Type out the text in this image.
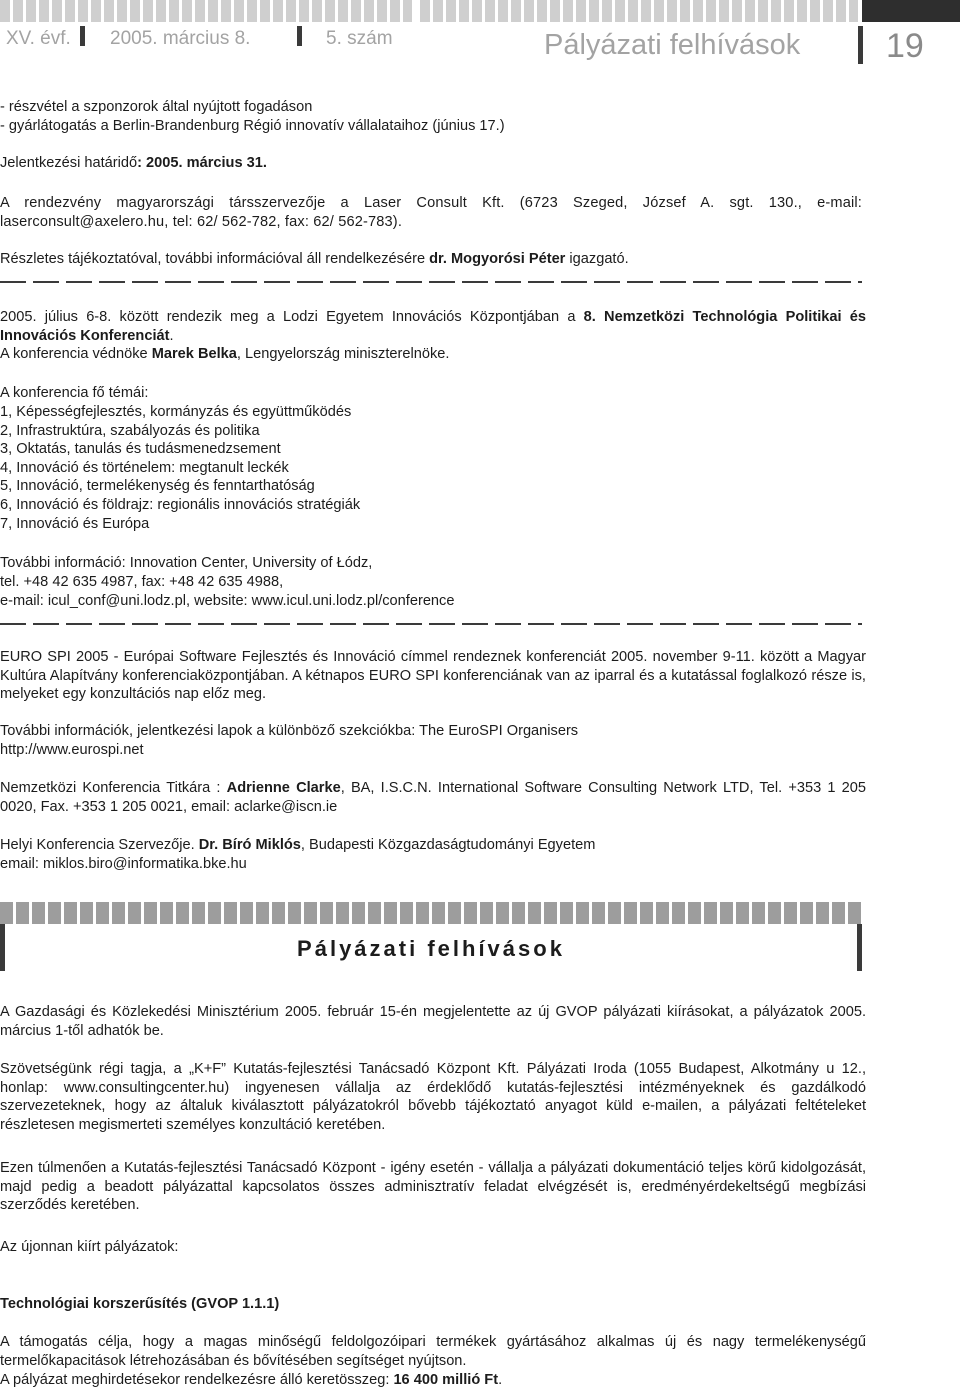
XV. évf. 2005. március 8.	5. szám	Pályázati felhívások	19

- részvétel a szponzorok által nyújtott fogadáson

- gyárlátogatás a Berlin-Brandenburg Régió innovatív vállalataihoz (június 17.)

Jelentkezési határidő: 2005. március 31.

A rendezvény magyarországi társszervezője a Laser Consult Kft. (6723 Szeged, József A. sgt. 130., e-mail: laserconsult@axelero.hu, tel: 62/ 562-782, fax: 62/ 562-783).

Részletes tájékoztatóval, további információval áll rendelkezésére dr. Mogyorósi Péter igazgató.

2005. július 6-8. között rendezik meg a Lodzi Egyetem Innovációs Központjában a 8. Nemzetközi Technológia Politikai és Innovációs Konferenciát.

A konferencia védnöke Marek Belka, Lengyelország miniszterelnöke.

A konferencia fő témái:

1, Képességfejlesztés, kormányzás és együttműködés

2, Infrastruktúra, szabályozás és politika

3, Oktatás, tanulás és tudásmenedzsement

4, Innováció és történelem: megtanult leckék

5, Innováció, termelékenység és fenntarthatóság

6, Innováció és földrajz: regionális innovációs stratégiák

7, Innováció és Európa

További információ: Innovation Center, University of Łódz,

tel. +48 42 635 4987, fax: +48 42 635 4988,

e-mail: icul_conf@uni.lodz.pl, website: www.icul.uni.lodz.pl/conference

EURO SPI 2005 - Európai Software Fejlesztés és Innováció címmel rendeznek konferenciát 2005. november 9-11. között a Magyar Kultúra Alapítvány konferenciaközpontjában. A kétnapos EURO SPI konferenciának van az iparral és a kutatással foglalkozó része is, melyeket egy konzultációs nap előz meg.

További információk, jelentkezési lapok a különböző szekciókba: The EuroSPI Organisers

http://www.eurospi.net

Nemzetközi Konferencia Titkára : Adrienne Clarke, BA, I.S.C.N. International Software Consulting Network LTD, Tel. +353 1 205 0020, Fax. +353 1 205 0021, email: aclarke@iscn.ie

Helyi Konferencia Szervezője. Dr. Bíró Miklós, Budapesti Közgazdaságtudományi Egyetem

email: miklos.biro@informatika.bke.hu

Pályázati felhívások

A Gazdasági és Közlekedési Minisztérium 2005. február 15-én megjelentette az új GVOP pályázati kiírásokat, a pályázatok 2005. március 1-től adhatók be.

Szövetségünk régi tagja, a „K+F” Kutatás-fejlesztési Tanácsadó Központ Kft. Pályázati Iroda (1055 Budapest, Alkotmány u 12., honlap: www.consultingcenter.hu) ingyenesen vállalja az érdeklődő kutatás-fejlesztési intézményeknek és gazdálkodó szervezeteknek, hogy az általuk kiválasztott pályázatokról bővebb tájékoztató anyagot küld e-mailen, a pályázati feltételeket részletesen megismerteti személyes konzultáció keretében.

Ezen túlmenően a Kutatás-fejlesztési Tanácsadó Központ - igény esetén - vállalja a pályázati dokumentáció teljes körű kidolgozását, majd pedig a beadott pályázattal kapcsolatos összes adminisztratív feladat elvégzését is, eredményérdekeltségű megbízási szerződés keretében.

Az újonnan kiírt pályázatok:

Technológiai korszerűsítés (GVOP 1.1.1)

A támogatás célja, hogy a magas minőségű feldolgozóipari termékek gyártásához alkalmas új és nagy termelékenységű termelőkapacitások létrehozásában és bővítésében segítséget nyújtson.

A pályázat meghirdetésekor rendelkezésre álló keretösszeg: 16 400 millió Ft.
